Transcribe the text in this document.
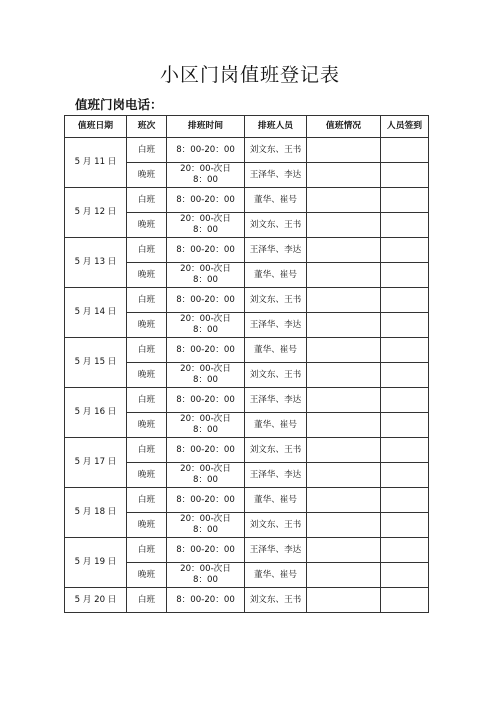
小区门岗值班登记表
值班门岗电话：
值班日期	班次	排班时间	排班人员	值班情况	人员签到
5 月 11 日	白班	8：00-20：00	刘文东、王书		
	晚班	20：00-次日 8：00	王泽华、李达		
5 月 12 日	白班	8：00-20：00	董华、崔号		
	晚班	20：00-次日 8：00	刘文东、王书		
5 月 13 日	白班	8：00-20：00	王泽华、李达		
	晚班	20：00-次日 8：00	董华、崔号		
5 月 14 日	白班	8：00-20：00	刘文东、王书		
	晚班	20：00-次日 8：00	王泽华、李达		
5 月 15 日	白班	8：00-20：00	董华、崔号		
	晚班	20：00-次日 8：00	刘文东、王书		
5 月 16 日	白班	8：00-20：00	王泽华、李达		
	晚班	20：00-次日 8：00	董华、崔号		
5 月 17 日	白班	8：00-20：00	刘文东、王书		
	晚班	20：00-次日 8：00	王泽华、李达		
5 月 18 日	白班	8：00-20：00	董华、崔号		
	晚班	20：00-次日 8：00	刘文东、王书		
5 月 19 日	白班	8：00-20：00	王泽华、李达		
	晚班	20：00-次日 8：00	董华、崔号		
5 月 20 日	白班	8：00-20：00	刘文东、王书		
